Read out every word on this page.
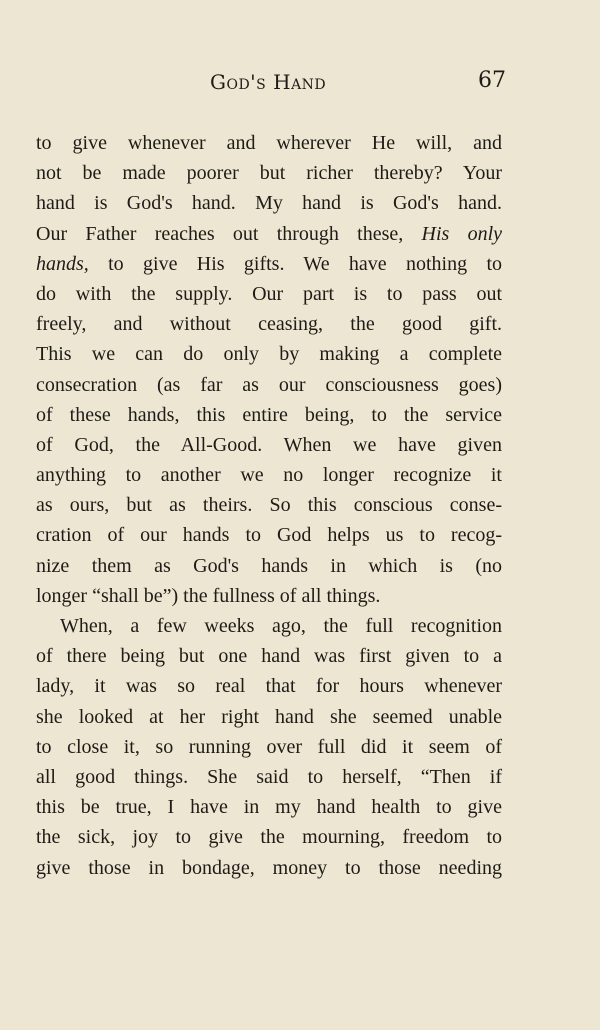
God's Hand	67
to give whenever and wherever He will, and
not be made poorer but richer thereby? Your
hand is God's hand. My hand is God's hand.
Our Father reaches out through these, His only
hands, to give His gifts. We have nothing to
do with the supply. Our part is to pass out
freely, and without ceasing, the good gift.
This we can do only by making a complete
consecration (as far as our consciousness goes)
of these hands, this entire being, to the service
of God, the All-Good. When we have given
anything to another we no longer recognize it
as ours, but as theirs. So this conscious conse-
cration of our hands to God helps us to recog-
nize them as God's hands in which is (no
longer “shall be”) the fullness of all things.
When, a few weeks ago, the full recognition
of there being but one hand was first given to a
lady, it was so real that for hours whenever
she looked at her right hand she seemed unable
to close it, so running over full did it seem of
all good things. She said to herself, “Then if
this be true, I have in my hand health to give
the sick, joy to give the mourning, freedom to
give those in bondage, money to those needing
